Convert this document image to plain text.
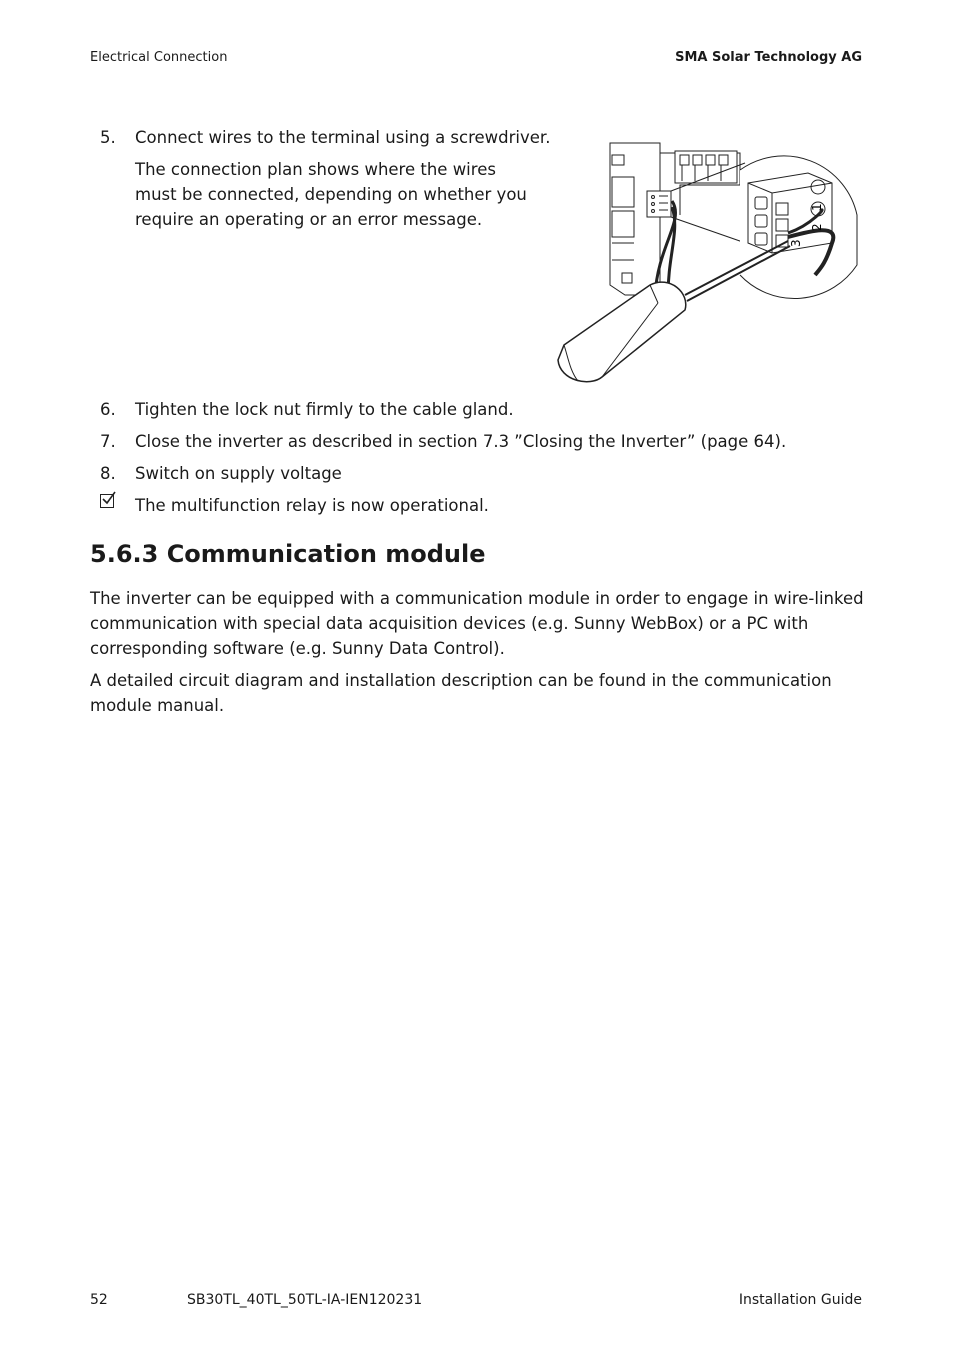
Electrical Connection	SMA Solar Technology AG
5.	Connect wires to the terminal using a screwdriver.
The connection plan shows where the wires must be connected, depending on whether you require an operating or an error message.
1
2
3
6.	Tighten the lock nut firmly to the cable gland.
7.	Close the inverter as described in section 7.3 ”Closing the Inverter” (page 64).
8.	Switch on supply voltage
The multifunction relay is now operational.
5.6.3 Communication module

The inverter can be equipped with a communication module in order to engage in wire-linked communication with special data acquisition devices (e.g. Sunny WebBox) or a PC with corresponding software (e.g. Sunny Data Control).

A detailed circuit diagram and installation description can be found in the communication module manual.

52	SB30TL_40TL_50TL-IA-IEN120231	Installation Guide
